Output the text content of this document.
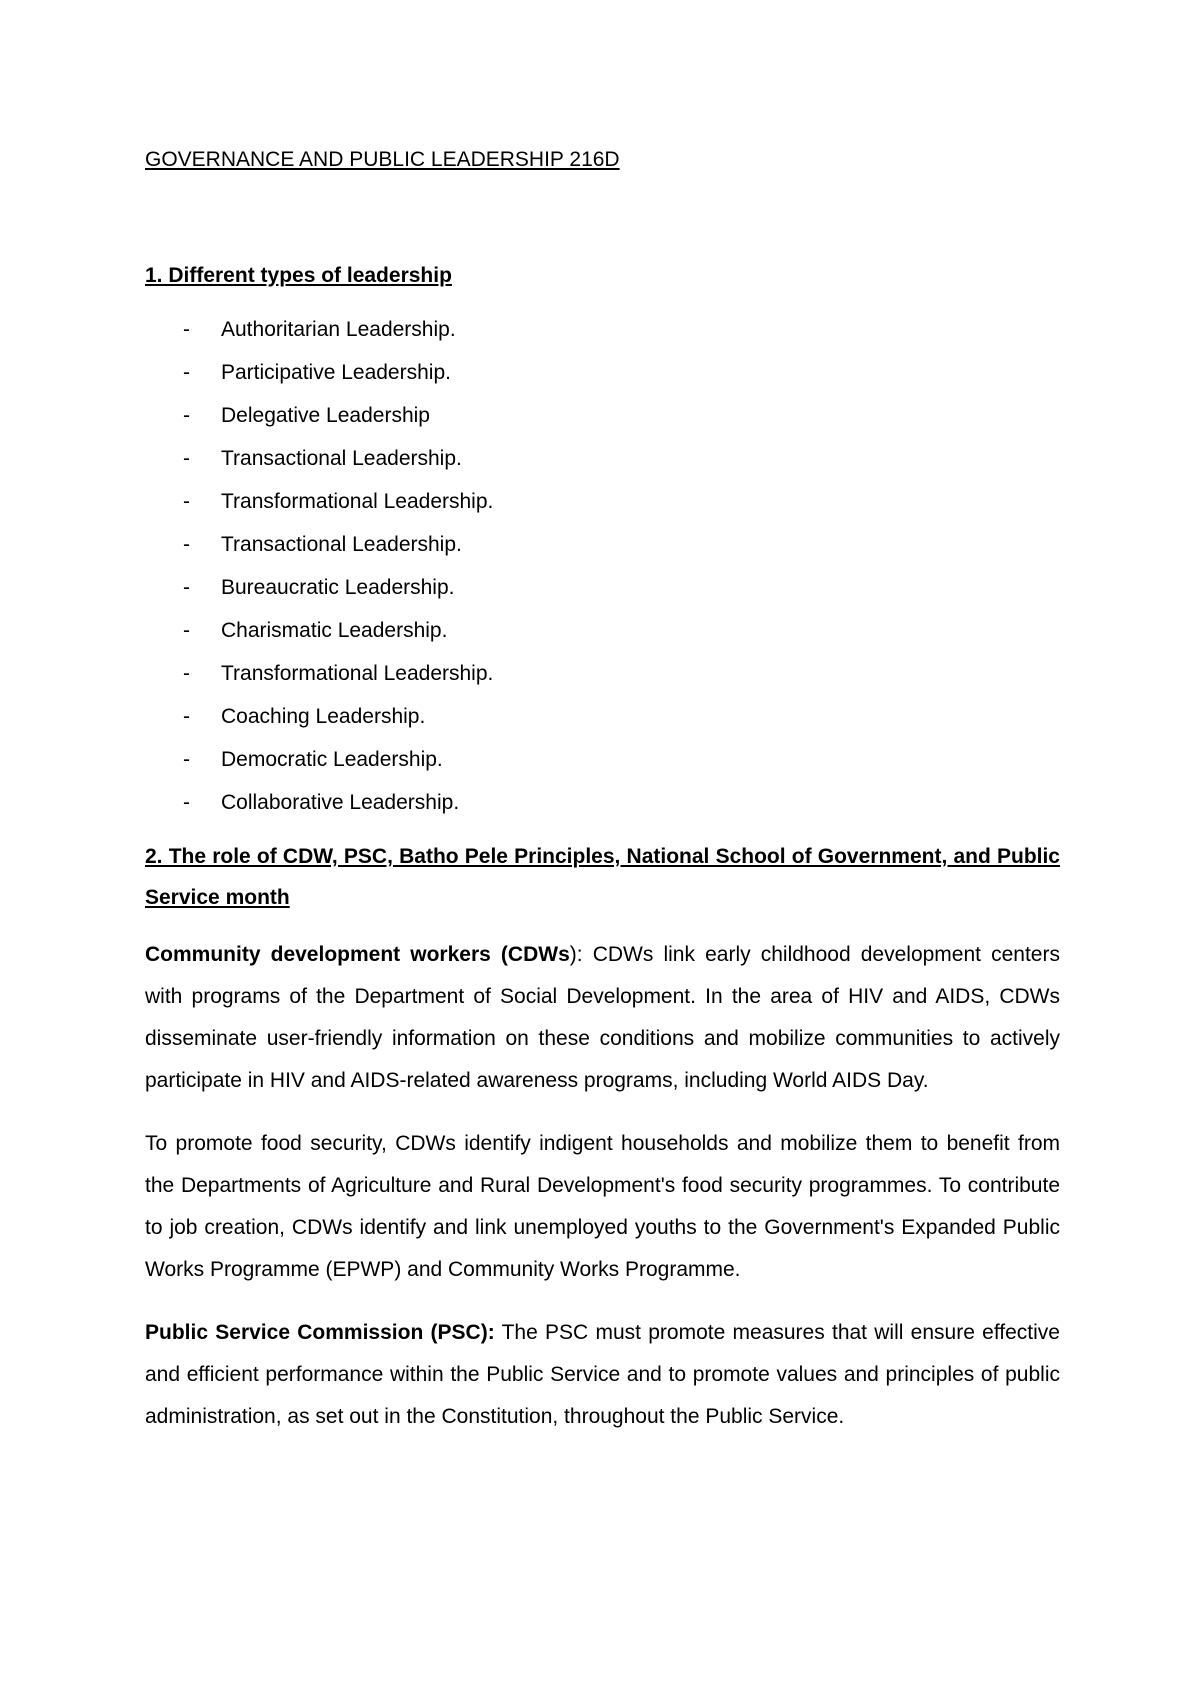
GOVERNANCE AND PUBLIC LEADERSHIP 216D
1. Different types of leadership
-	Authoritarian Leadership.
-	Participative Leadership.
-	Delegative Leadership
-	Transactional Leadership.
-	Transformational Leadership.
-	Transactional Leadership.
-	Bureaucratic Leadership.
-	Charismatic Leadership.
-	Transformational Leadership.
-	Coaching Leadership.
-	Democratic Leadership.
-	Collaborative Leadership.
2. The role of CDW, PSC, Batho Pele Principles, National School of Government, and Public Service month

Community development workers (CDWs): CDWs link early childhood development centers with programs of the Department of Social Development. In the area of HIV and AIDS, CDWs disseminate user-friendly information on these conditions and mobilize communities to actively participate in HIV and AIDS-related awareness programs, including World AIDS Day.

To promote food security, CDWs identify indigent households and mobilize them to benefit from the Departments of Agriculture and Rural Development's food security programmes. To contribute to job creation, CDWs identify and link unemployed youths to the Government's Expanded Public Works Programme (EPWP) and Community Works Programme.

Public Service Commission (PSC): The PSC must promote measures that will ensure effective and efficient performance within the Public Service and to promote values and principles of public administration, as set out in the Constitution, throughout the Public Service.
